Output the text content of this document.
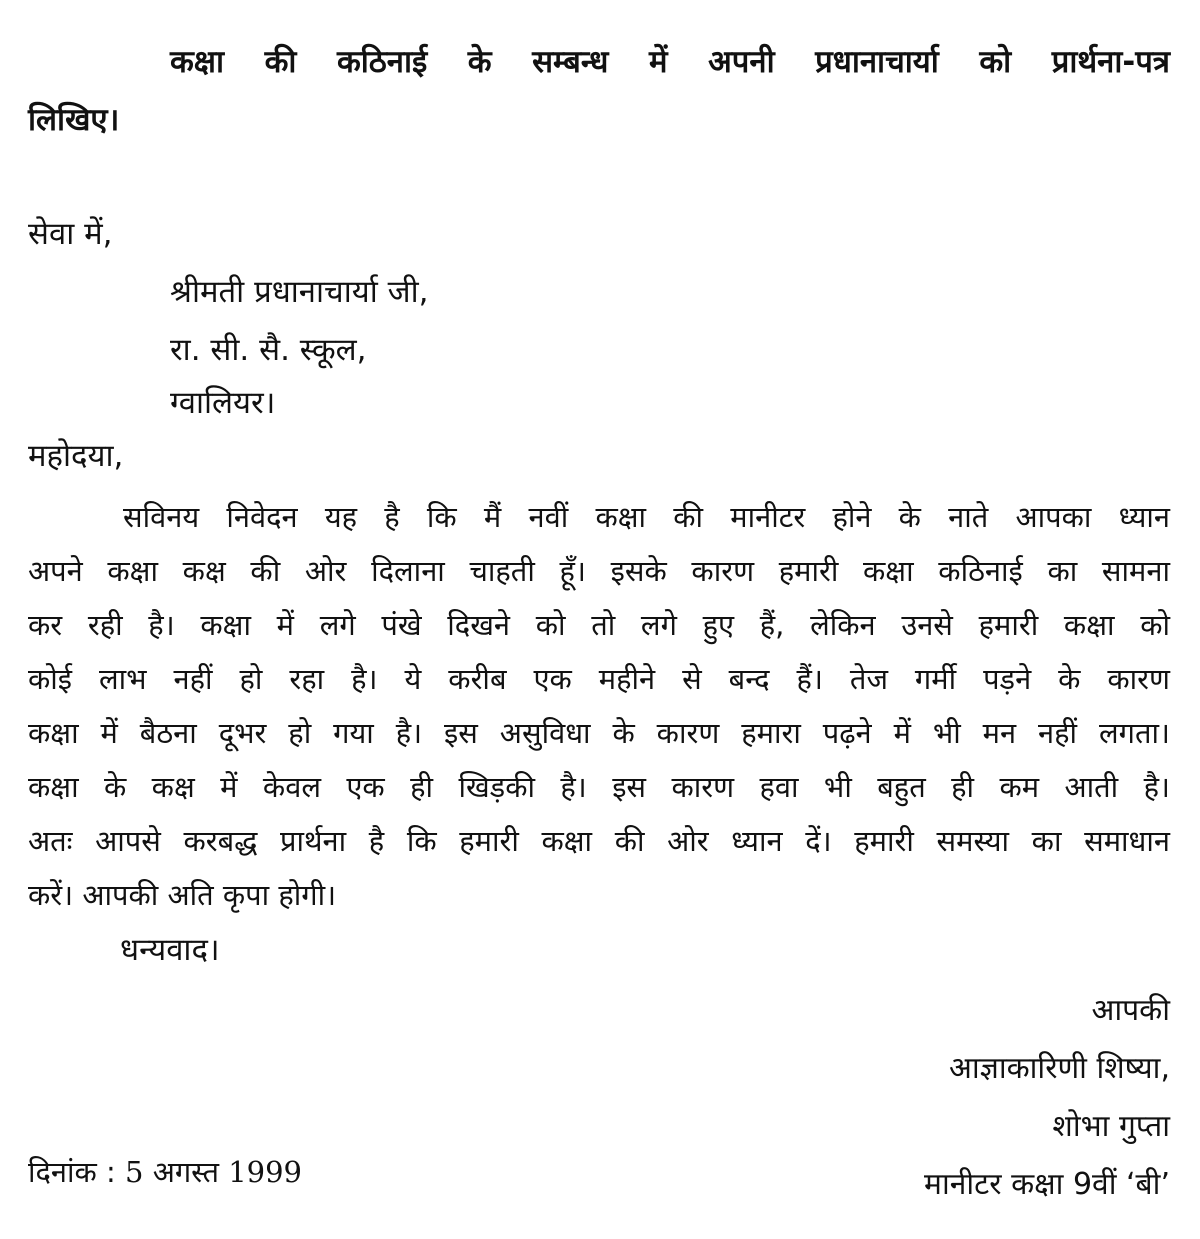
कक्षा की कठिनाई के सम्बन्ध में अपनी प्रधानाचार्या को प्रार्थना-पत्र
लिखिए।
सेवा में,
श्रीमती प्रधानाचार्या जी,
रा. सी. सै. स्कूल,
ग्वालियर।
महोदया,
सविनय निवेदन यह है कि मैं नवीं कक्षा की मानीटर होने के नाते आपका ध्यान
अपने कक्षा कक्ष की ओर दिलाना चाहती हूँ। इसके कारण हमारी कक्षा कठिनाई का सामना
कर रही है। कक्षा में लगे पंखे दिखने को तो लगे हुए हैं, लेकिन उनसे हमारी कक्षा को
कोई लाभ नहीं हो रहा है। ये करीब एक महीने से बन्द हैं। तेज गर्मी पड़ने के कारण
कक्षा में बैठना दूभर हो गया है। इस असुविधा के कारण हमारा पढ़ने में भी मन नहीं लगता।
कक्षा के कक्ष में केवल एक ही खिड़की है। इस कारण हवा भी बहुत ही कम आती है।
अतः आपसे करबद्ध प्रार्थना है कि हमारी कक्षा की ओर ध्यान दें। हमारी समस्या का समाधान
करें। आपकी अति कृपा होगी।
धन्यवाद।
आपकी
आज्ञाकारिणी शिष्या,
शोभा गुप्ता
मानीटर कक्षा 9वीं ‘बी’
दिनांक : 5 अगस्त 1999
